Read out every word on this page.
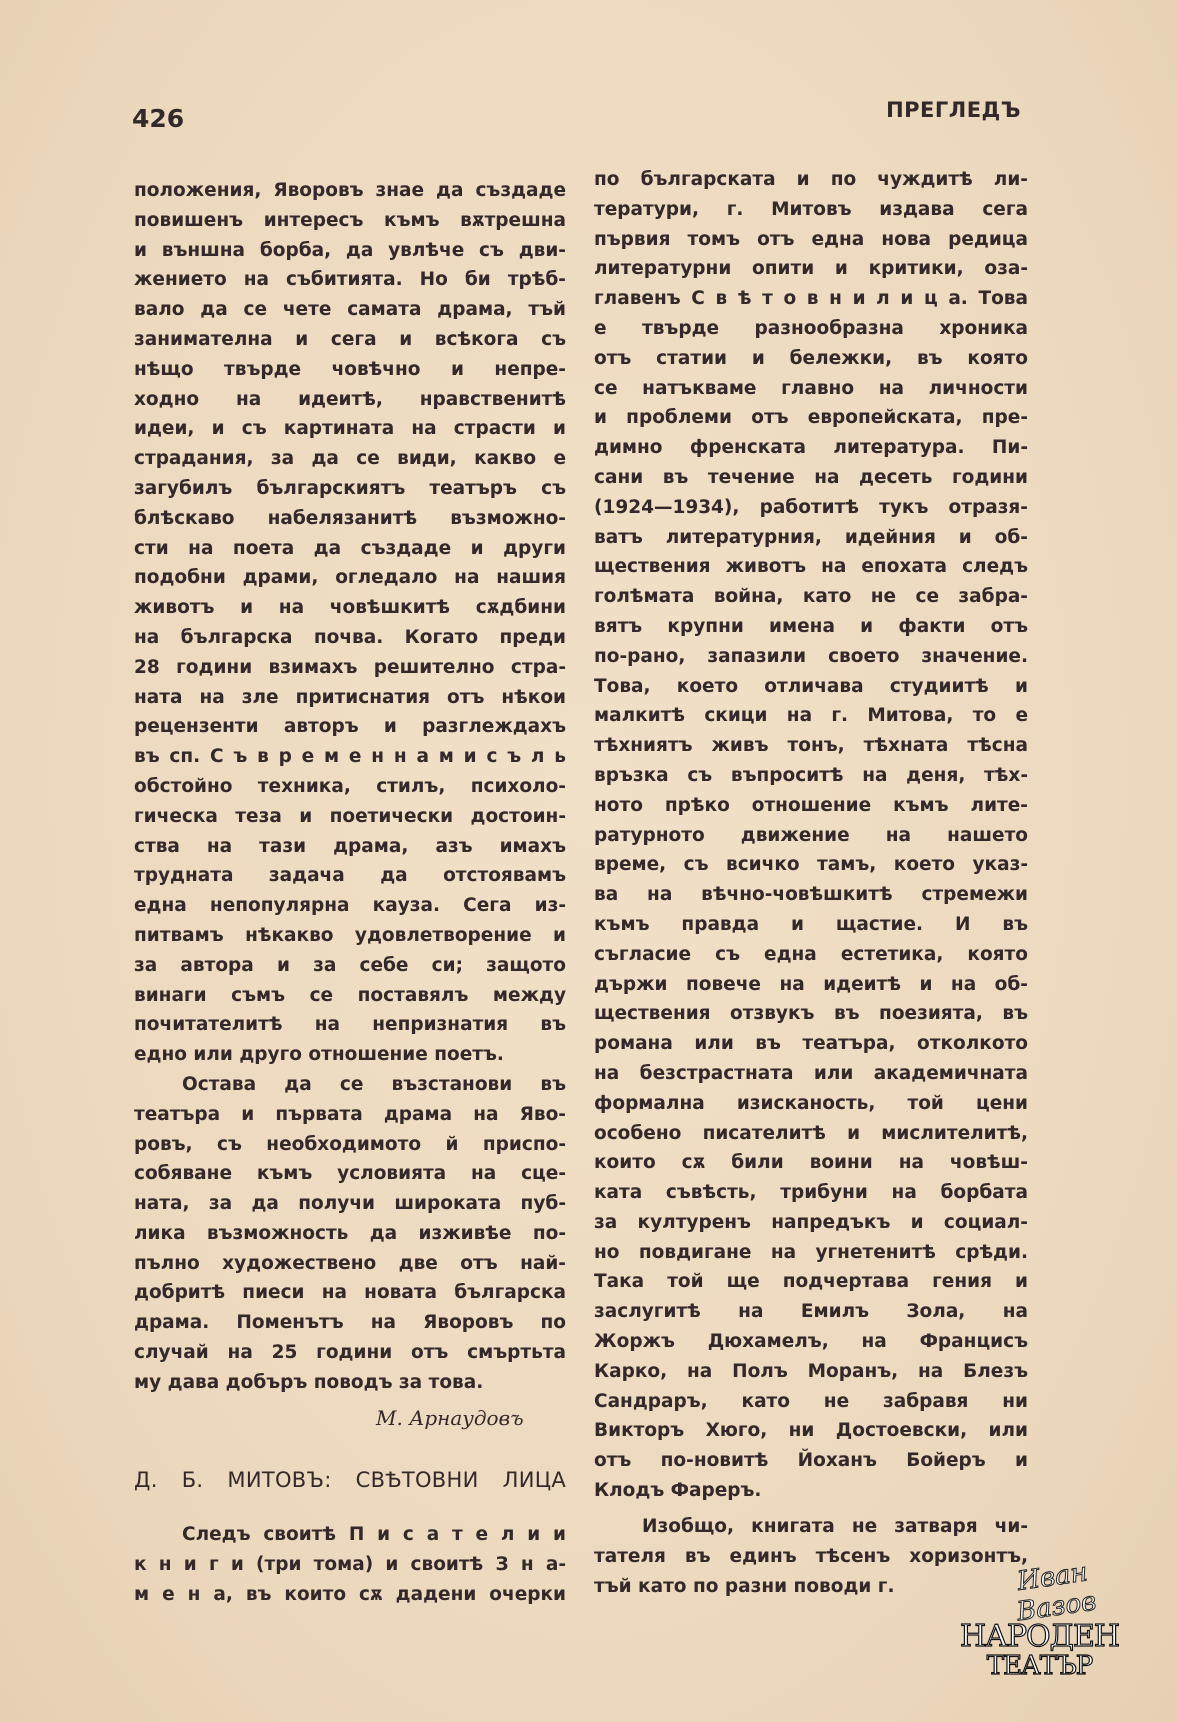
426	ПРЕГЛЕДЪ
положения, Яворовъ знае да създаде
повишенъ интересъ къмъ вѫтрешна
и външна борба, да увлѣче съ дви-
жението на събитията. Но би трѣб-
вало да се чете самата драма, тъй
занимателна и сега и всѣкога съ
нѣщо твърде човѣчно и непре-
ходно на идеитѣ, нравственитѣ
идеи, и съ картината на страсти и
страдания, за да се види, какво е
загубилъ българскиятъ театъръ съ
блѣскаво набелязанитѣ възможно-
сти на поета да създаде и други
подобни драми, огледало на нашия
животъ и на човѣшкитѣ сѫдбини
на българска почва. Когато преди
28 години взимахъ решително стра-
ната на зле притиснатия отъ нѣкои
рецензенти авторъ и разглеждахъ
въ сп. С ъ в р е м е н н а м и с ъ л ь
обстойно техника, стилъ, психоло-
гическа теза и поетически достоин-
ства на тази драма, азъ имахъ
трудната задача да отстоявамъ
една непопулярна кауза. Сега из-
питвамъ нѣкакво удовлетворение и
за автора и за себе си; защото
винаги съмъ се поставялъ между
почитателитѣ на непризнатия въ
едно или друго отношение поетъ.
Остава да се възстанови въ
театъра и първата драма на Яво-
ровъ, съ необходимото й приспо-
собяване къмъ условията на сце-
ната, за да получи широката пуб-
лика възможность да изживѣе по-
пълно художествено две отъ най-
добритѣ пиеси на новата българска
драма. Поменътъ на Яворовъ по
случай на 25 години отъ смъртьта
му дава добъръ поводъ за това.
М. Арнаудовъ
Д. Б. МИТОВЪ: СВѢТОВНИ ЛИЦА
Следъ своитѣ П и с а т е л и и
к н и г и (три тома) и своитѣ З н а-
м е н а, въ които сѫ дадени очерки
по българската и по чуждитѣ ли-
тератури, г. Митовъ издава сега
първия томъ отъ една нова редица
литературни опити и критики, оза-
главенъ С в ѣ т о в н и л и ц а. Това
е твърде разнообразна хроника
отъ статии и бележки, въ която
се натъкваме главно на личности
и проблеми отъ европейската, пре-
димно френската литература. Пи-
сани въ течение на десеть години
(1924—1934), работитѣ тукъ отразя-
ватъ литературния, идейния и об-
ществения животъ на епохата следъ
голѣмата война, като не се забра-
вятъ крупни имена и факти отъ
по-рано, запазили своето значение.
Това, което отличава студиитѣ и
малкитѣ скици на г. Митова, то е
тѣхниятъ живъ тонъ, тѣхната тѣсна
връзка съ въпроситѣ на деня, тѣх-
ното прѣко отношение къмъ лите-
ратурното движение на нашето
време, съ всичко тамъ, което указ-
ва на вѣчно-човѣшкитѣ стремежи
къмъ правда и щастие. И въ
съгласие съ една естетика, която
държи повече на идеитѣ и на об-
ществения отзвукъ въ поезията, въ
романа или въ театъра, отколкото
на безстрастната или академичната
формална изисканость, той цени
особено писателитѣ и мислителитѣ,
които сѫ били воини на човѣш-
ката съвѣсть, трибуни на борбата
за културенъ напредъкъ и социал-
но повдигане на угнетенитѣ срѣди.
Така той ще подчертава гения и
заслугитѣ на Емилъ Зола, на
Жоржъ Дюхамелъ, на Францисъ
Карко, на Полъ Моранъ, на Блезъ
Сандраръ, като не забравя ни
Викторъ Хюго, ни Достоевски, или
отъ по-новитѣ Йоханъ Бойеръ и
Клодъ Фареръ.
Изобщо, книгата не затваря чи-
тателя въ единъ тѣсенъ хоризонтъ,
тъй като по разни поводи г.	Иван Вазов
НАРОДЕН
ТЕАТЪР
